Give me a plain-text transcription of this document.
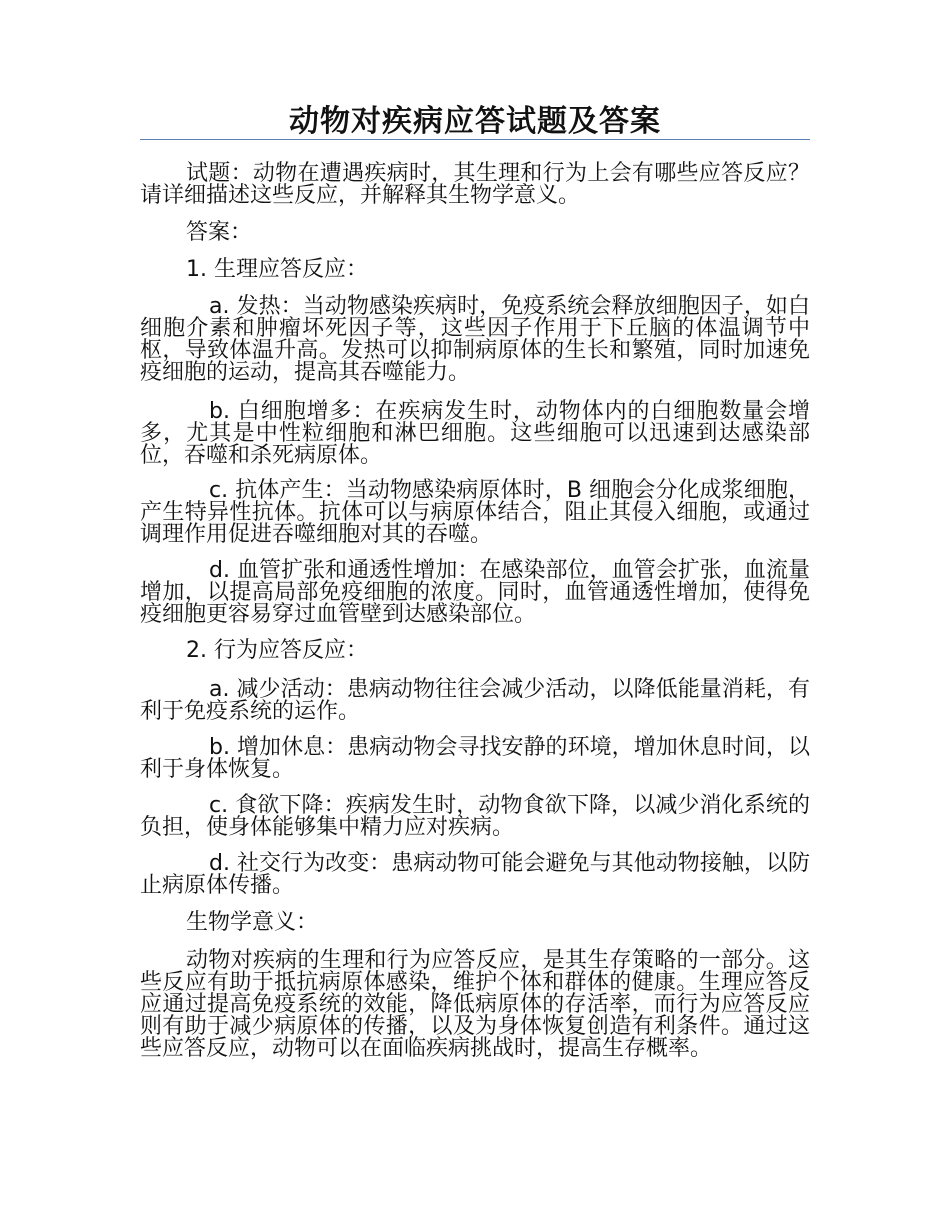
动物对疾病应答试题及答案

试题：动物在遭遇疾病时，其生理和行为上会有哪些应答反应？请详细描述这些反应，并解释其生物学意义。

答案：
1. 生理应答反应：

a. 发热：当动物感染疾病时，免疫系统会释放细胞因子，如白细胞介素和肿瘤坏死因子等，这些因子作用于下丘脑的体温调节中枢，导致体温升高。发热可以抑制病原体的生长和繁殖，同时加速免疫细胞的运动，提高其吞噬能力。

b. 白细胞增多：在疾病发生时，动物体内的白细胞数量会增多，尤其是中性粒细胞和淋巴细胞。这些细胞可以迅速到达感染部位，吞噬和杀死病原体。

c. 抗体产生：当动物感染病原体时，B 细胞会分化成浆细胞，产生特异性抗体。抗体可以与病原体结合，阻止其侵入细胞，或通过调理作用促进吞噬细胞对其的吞噬。

d. 血管扩张和通透性增加：在感染部位，血管会扩张，血流量增加，以提高局部免疫细胞的浓度。同时，血管通透性增加，使得免疫细胞更容易穿过血管壁到达感染部位。

2. 行为应答反应：

a. 减少活动：患病动物往往会减少活动，以降低能量消耗，有利于免疫系统的运作。

b. 增加休息：患病动物会寻找安静的环境，增加休息时间，以利于身体恢复。

c. 食欲下降：疾病发生时，动物食欲下降，以减少消化系统的负担，使身体能够集中精力应对疾病。

d. 社交行为改变：患病动物可能会避免与其他动物接触，以防止病原体传播。

生物学意义：

动物对疾病的生理和行为应答反应，是其生存策略的一部分。这些反应有助于抵抗病原体感染，维护个体和群体的健康。生理应答反应通过提高免疫系统的效能，降低病原体的存活率，而行为应答反应则有助于减少病原体的传播，以及为身体恢复创造有利条件。通过这些应答反应，动物可以在面临疾病挑战时，提高生存概率。
